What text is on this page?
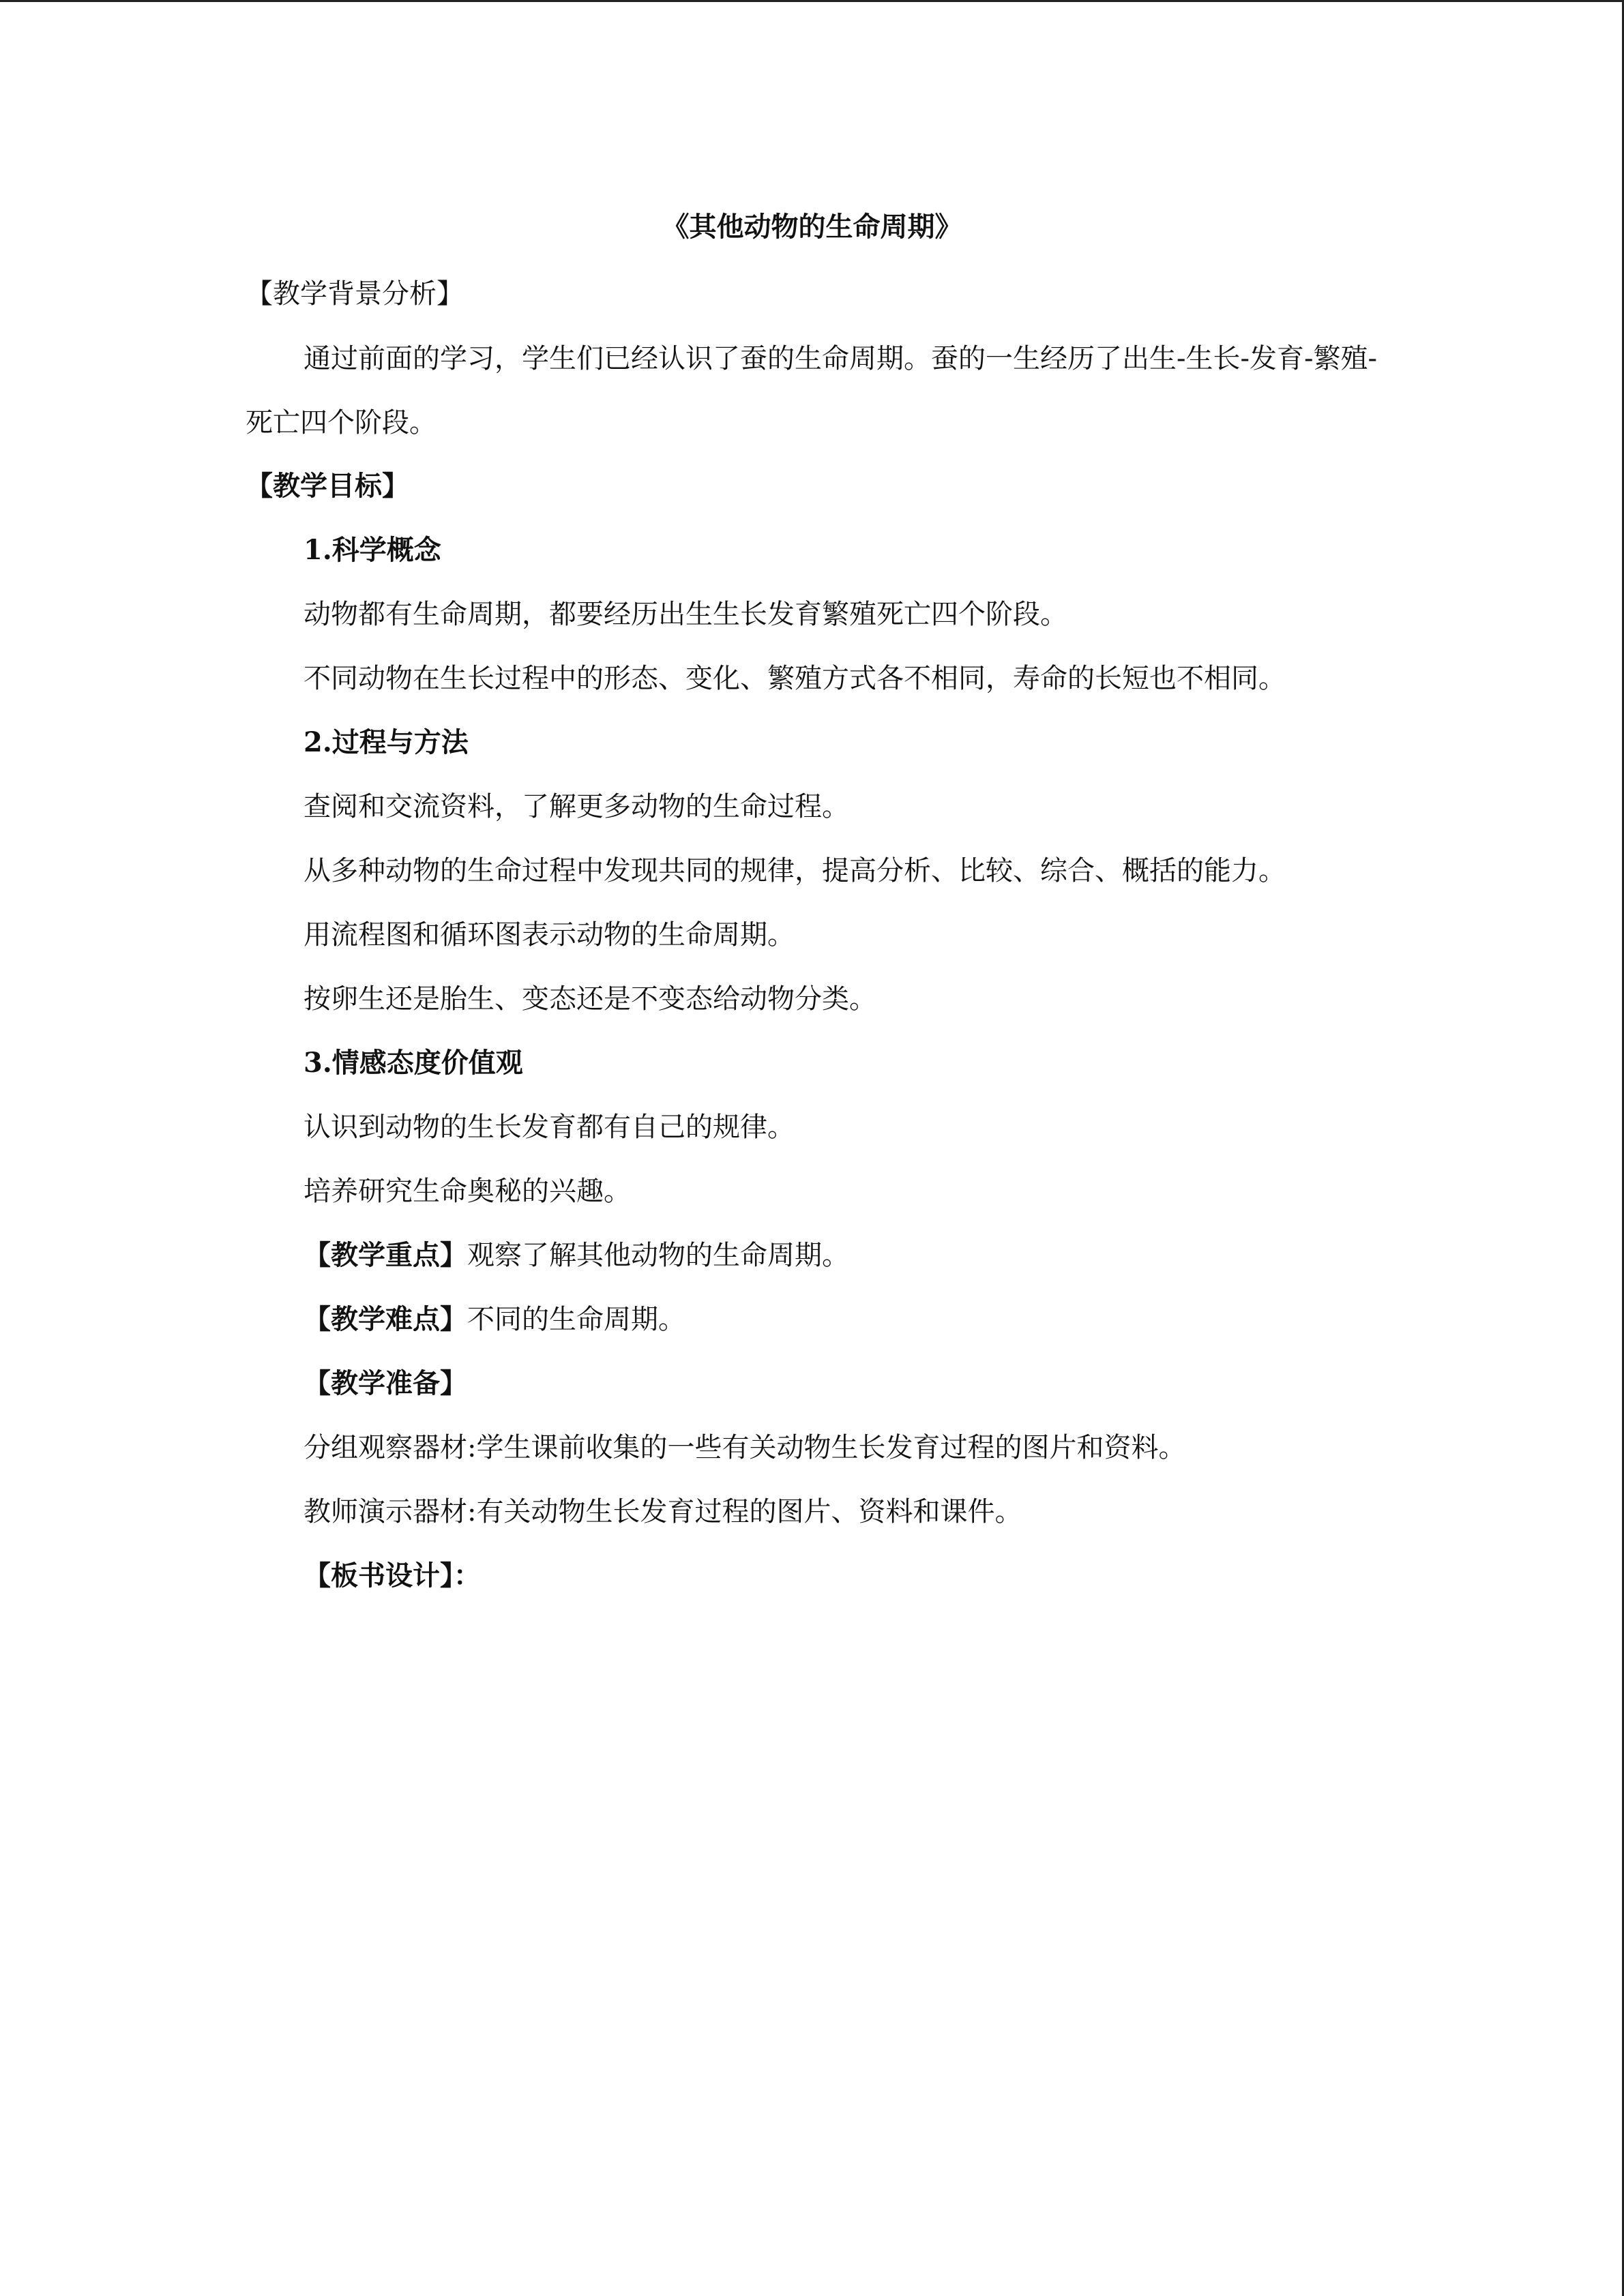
《其他动物的生命周期》

【教学背景分析】

通过前面的学习，学生们已经认识了蚕的生命周期。蚕的一生经历了出生-生长-发育-繁殖-死亡四个阶段。

【教学目标】

1.科学概念

动物都有生命周期，都要经历出生生长发育繁殖死亡四个阶段。

不同动物在生长过程中的形态、变化、繁殖方式各不相同，寿命的长短也不相同。

2.过程与方法

查阅和交流资料，了解更多动物的生命过程。

从多种动物的生命过程中发现共同的规律，提高分析、比较、综合、概括的能力。

用流程图和循环图表示动物的生命周期。

按卵生还是胎生、变态还是不变态给动物分类。

3.情感态度价值观

认识到动物的生长发育都有自己的规律。

培养研究生命奥秘的兴趣。

【教学重点】观察了解其他动物的生命周期。

【教学难点】不同的生命周期。

【教学准备】

分组观察器材:学生课前收集的一些有关动物生长发育过程的图片和资料。

教师演示器材:有关动物生长发育过程的图片、资料和课件。

【板书设计】：
